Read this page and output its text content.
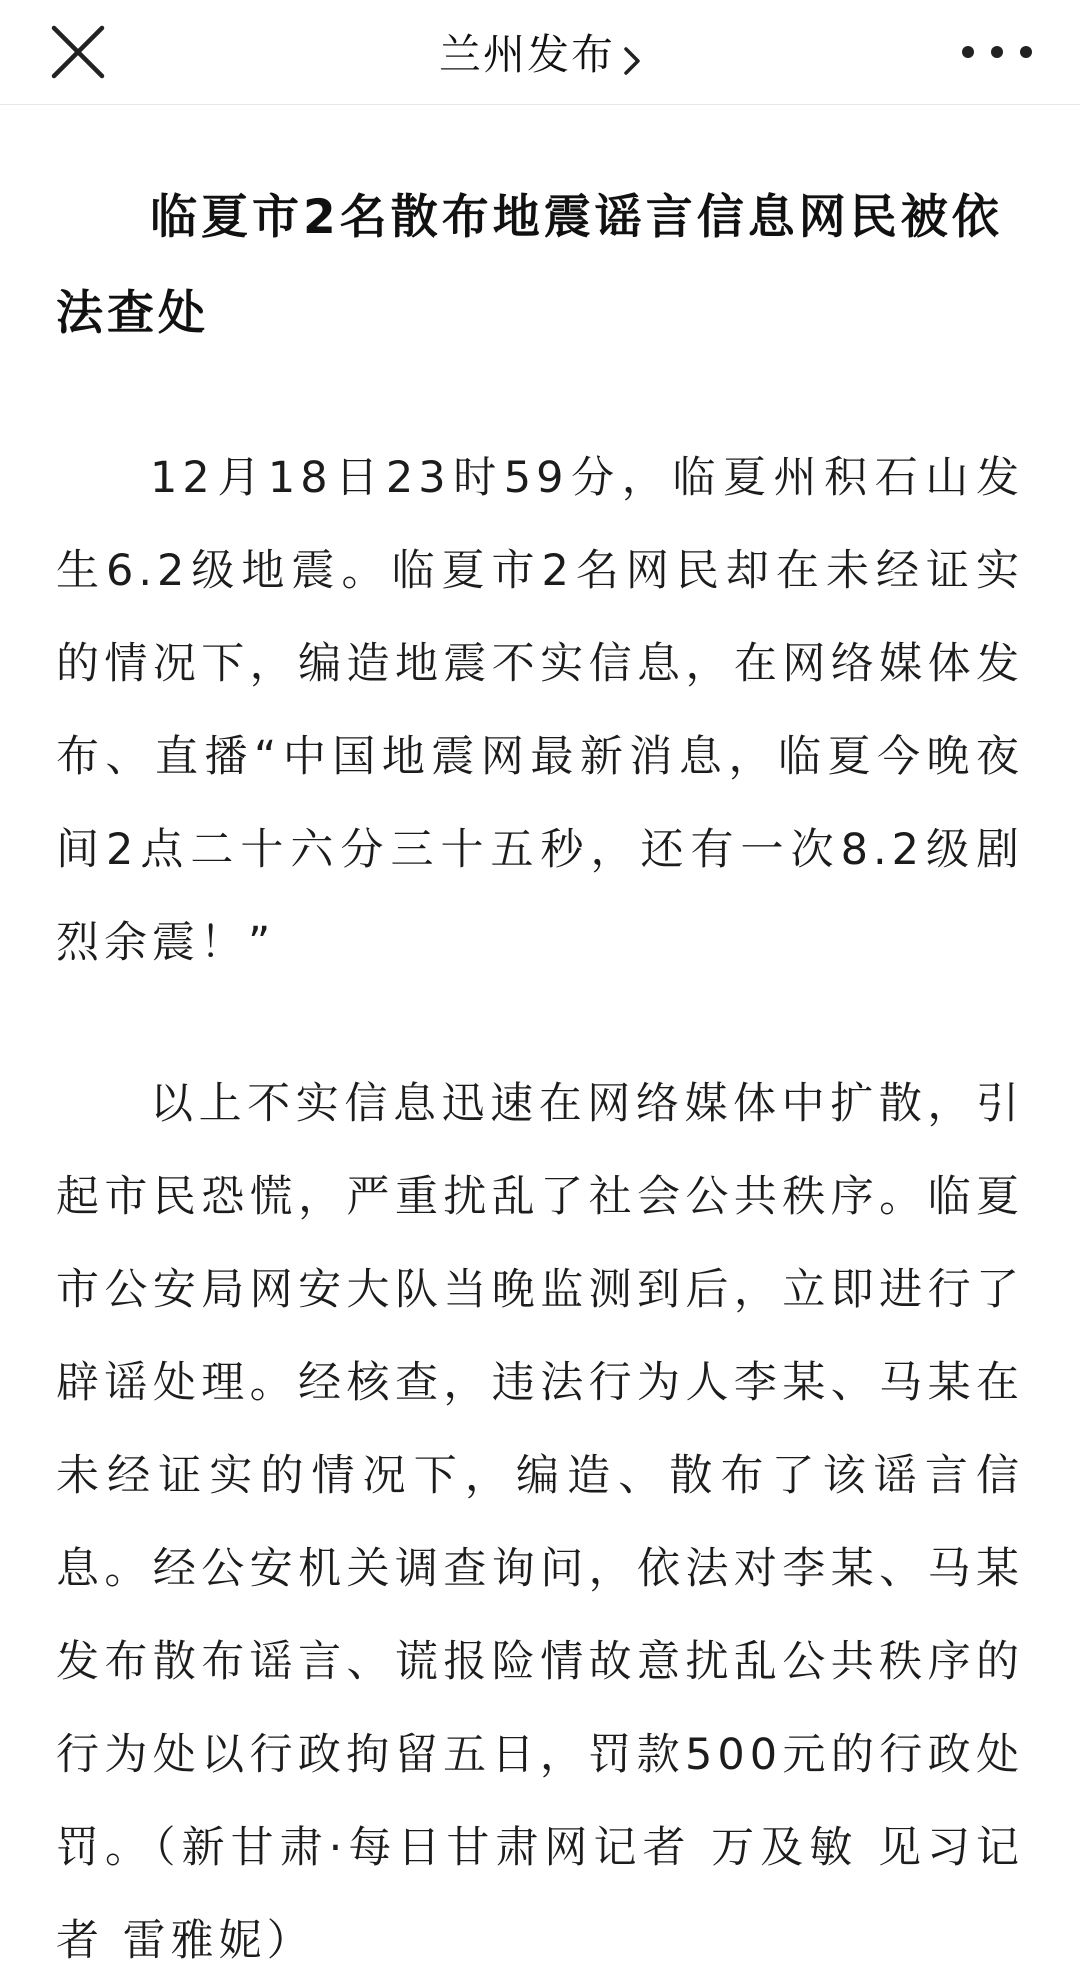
兰州发布
临夏市2名散布地震谣言信息网民被依法查处

12月18日23时59分，临夏州积石山发生6.2级地震。临夏市2名网民却在未经证实的情况下，编造地震不实信息，在网络媒体发布、直播“中国地震网最新消息，临夏今晚夜间2点二十六分三十五秒，还有一次8.2级剧烈余震！”

以上不实信息迅速在网络媒体中扩散，引起市民恐慌，严重扰乱了社会公共秩序。临夏市公安局网安大队当晚监测到后，立即进行了辟谣处理。经核查，违法行为人李某、马某在未经证实的情况下，编造、散布了该谣言信息。经公安机关调查询问，依法对李某、马某发布散布谣言、谎报险情故意扰乱公共秩序的行为处以行政拘留五日，罚款500元的行政处罚。（新甘肃·每日甘肃网记者 万及敏 见习记者 雷雅妮）
